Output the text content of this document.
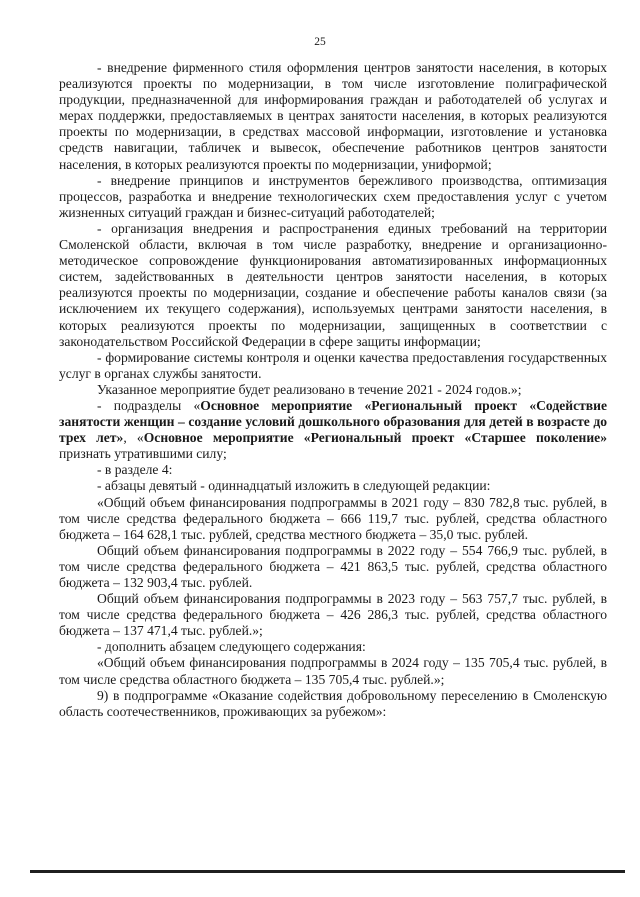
25

- внедрение фирменного стиля оформления центров занятости населения, в которых реализуются проекты по модернизации, в том числе изготовление полиграфической продукции, предназначенной для информирования граждан и работодателей об услугах и мерах поддержки, предоставляемых в центрах занятости населения, в которых реализуются проекты по модернизации, в средствах массовой информации, изготовление и установка средств навигации, табличек и вывесок, обеспечение работников центров занятости населения, в которых реализуются проекты по модернизации, униформой;

- внедрение принципов и инструментов бережливого производства, оптимизация процессов, разработка и внедрение технологических схем предоставления услуг с учетом жизненных ситуаций граждан и бизнес-ситуаций работодателей;

- организация внедрения и распространения единых требований на территории Смоленской области, включая в том числе разработку, внедрение и организационно-методическое сопровождение функционирования автоматизированных информационных систем, задействованных в деятельности центров занятости населения, в которых реализуются проекты по модернизации, создание и обеспечение работы каналов связи (за исключением их текущего содержания), используемых центрами занятости населения, в которых реализуются проекты по модернизации, защищенных в соответствии с законодательством Российской Федерации в сфере защиты информации;

- формирование системы контроля и оценки качества предоставления государственных услуг в органах службы занятости.

Указанное мероприятие будет реализовано в течение 2021 - 2024 годов.»;

- подразделы «Основное мероприятие «Региональный проект «Содействие занятости женщин – создание условий дошкольного образования для детей в возрасте до трех лет», «Основное мероприятие «Региональный проект «Старшее поколение» признать утратившими силу;

- в разделе 4:

- абзацы девятый - одиннадцатый изложить в следующей редакции:

«Общий объем финансирования подпрограммы в 2021 году – 830 782,8 тыс. рублей, в том числе средства федерального бюджета – 666 119,7 тыс. рублей, средства областного бюджета – 164 628,1 тыс. рублей, средства местного бюджета – 35,0 тыс. рублей.

Общий объем финансирования подпрограммы в 2022 году – 554 766,9 тыс. рублей, в том числе средства федерального бюджета – 421 863,5 тыс. рублей, средства областного бюджета – 132 903,4 тыс. рублей.

Общий объем финансирования подпрограммы в 2023 году – 563 757,7 тыс. рублей, в том числе средства федерального бюджета – 426 286,3 тыс. рублей, средства областного бюджета – 137 471,4 тыс. рублей.»;

- дополнить абзацем следующего содержания:

«Общий объем финансирования подпрограммы в 2024 году – 135 705,4 тыс. рублей, в том числе средства областного бюджета – 135 705,4 тыс. рублей.»;

9) в подпрограмме «Оказание содействия добровольному переселению в Смоленскую область соотечественников, проживающих за рубежом»:
